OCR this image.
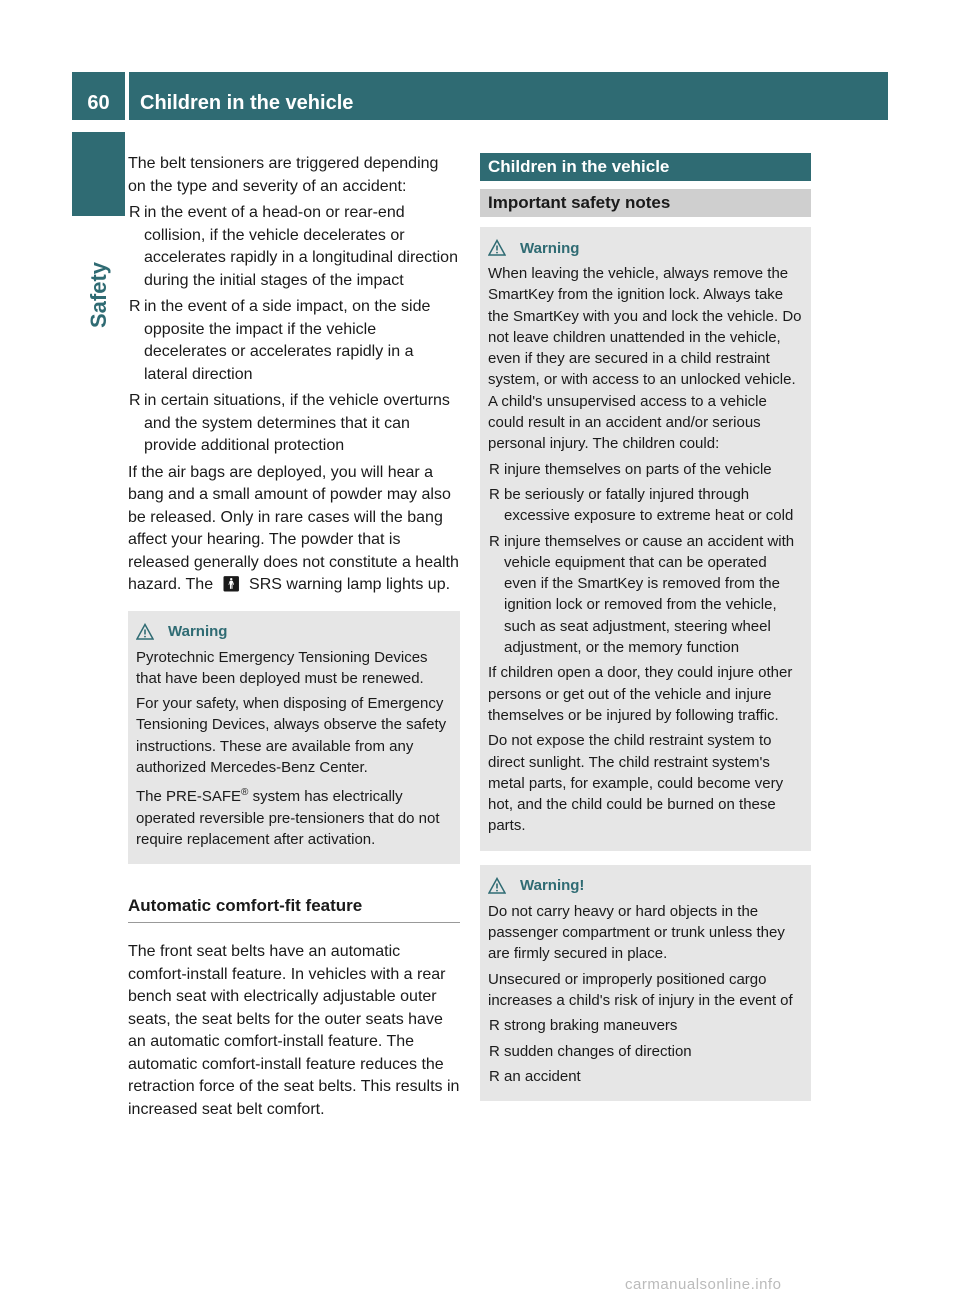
60	Children in the vehicle
Safety

The belt tensioners are triggered depending on the type and severity of an accident:

R in the event of a head-on or rear-end collision, if the vehicle decelerates or accelerates rapidly in a longitudinal direction during the initial stages of the impact
R in the event of a side impact, on the side opposite the impact if the vehicle decelerates or accelerates rapidly in a lateral direction
R in certain situations, if the vehicle overturns and the system determines that it can provide additional protection

If the air bags are deployed, you will hear a bang and a small amount of powder may also be released. Only in rare cases will the bang affect your hearing. The powder that is released generally does not constitute a health hazard. The 🚹︎ SRS warning lamp lights up.

Warning

Pyrotechnic Emergency Tensioning Devices that have been deployed must be renewed.

For your safety, when disposing of Emergency Tensioning Devices, always observe the safety instructions. These are available from any authorized Mercedes-Benz Center.

The PRE-SAFE® system has electrically operated reversible pre-tensioners that do not require replacement after activation.

Automatic comfort-fit feature

The front seat belts have an automatic comfort-install feature. In vehicles with a rear bench seat with electrically adjustable outer seats, the seat belts for the outer seats have an automatic comfort-install feature. The automatic comfort-install feature reduces the retraction force of the seat belts. This results in increased seat belt comfort.

Children in the vehicle
Important safety notes
Warning

When leaving the vehicle, always remove the SmartKey from the ignition lock. Always take the SmartKey with you and lock the vehicle. Do not leave children unattended in the vehicle, even if they are secured in a child restraint system, or with access to an unlocked vehicle. A child's unsupervised access to a vehicle could result in an accident and/or serious personal injury. The children could:

R injure themselves on parts of the vehicle
R be seriously or fatally injured through excessive exposure to extreme heat or cold
R injure themselves or cause an accident with vehicle equipment that can be operated even if the SmartKey is removed from the ignition lock or removed from the vehicle, such as seat adjustment, steering wheel adjustment, or the memory function

If children open a door, they could injure other persons or get out of the vehicle and injure themselves or be injured by following traffic.

Do not expose the child restraint system to direct sunlight. The child restraint system's metal parts, for example, could become very hot, and the child could be burned on these parts.

Warning!

Do not carry heavy or hard objects in the passenger compartment or trunk unless they are firmly secured in place.

Unsecured or improperly positioned cargo increases a child's risk of injury in the event of

R strong braking maneuvers
R sudden changes of direction
R an accident
carmanualsonline.info
